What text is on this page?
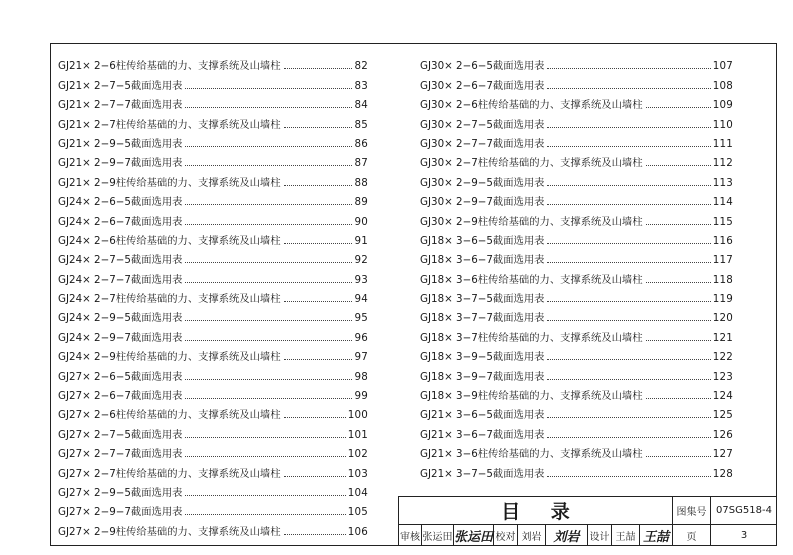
GJ21× 2−6柱传给基础的力、支撑系统及山墙柱	82
GJ21× 2−7−5截面选用表	83
GJ21× 2−7−7截面选用表	84
GJ21× 2−7柱传给基础的力、支撑系统及山墙柱	85
GJ21× 2−9−5截面选用表	86
GJ21× 2−9−7截面选用表	87
GJ21× 2−9柱传给基础的力、支撑系统及山墙柱	88
GJ24× 2−6−5截面选用表	89
GJ24× 2−6−7截面选用表	90
GJ24× 2−6柱传给基础的力、支撑系统及山墙柱	91
GJ24× 2−7−5截面选用表	92
GJ24× 2−7−7截面选用表	93
GJ24× 2−7柱传给基础的力、支撑系统及山墙柱	94
GJ24× 2−9−5截面选用表	95
GJ24× 2−9−7截面选用表	96
GJ24× 2−9柱传给基础的力、支撑系统及山墙柱	97
GJ27× 2−6−5截面选用表	98
GJ27× 2−6−7截面选用表	99
GJ27× 2−6柱传给基础的力、支撑系统及山墙柱	100
GJ27× 2−7−5截面选用表	101
GJ27× 2−7−7截面选用表	102
GJ27× 2−7柱传给基础的力、支撑系统及山墙柱	103
GJ27× 2−9−5截面选用表	104
GJ27× 2−9−7截面选用表	105
GJ27× 2−9柱传给基础的力、支撑系统及山墙柱	106
GJ30× 2−6−5截面选用表	107
GJ30× 2−6−7截面选用表	108
GJ30× 2−6柱传给基础的力、支撑系统及山墙柱	109
GJ30× 2−7−5截面选用表	110
GJ30× 2−7−7截面选用表	111
GJ30× 2−7柱传给基础的力、支撑系统及山墙柱	112
GJ30× 2−9−5截面选用表	113
GJ30× 2−9−7截面选用表	114
GJ30× 2−9柱传给基础的力、支撑系统及山墙柱	115
GJ18× 3−6−5截面选用表	116
GJ18× 3−6−7截面选用表	117
GJ18× 3−6柱传给基础的力、支撑系统及山墙柱	118
GJ18× 3−7−5截面选用表	119
GJ18× 3−7−7截面选用表	120
GJ18× 3−7柱传给基础的力、支撑系统及山墙柱	121
GJ18× 3−9−5截面选用表	122
GJ18× 3−9−7截面选用表	123
GJ18× 3−9柱传给基础的力、支撑系统及山墙柱	124
GJ21× 3−6−5截面选用表	125
GJ21× 3−6−7截面选用表	126
GJ21× 3−6柱传给基础的力、支撑系统及山墙柱	127
GJ21× 3−7−5截面选用表	128
目 录	图集号 07SG518-4
审核 张运田 张运田 校对 刘岩 刘岩 设计 王喆 王喆 页	3
